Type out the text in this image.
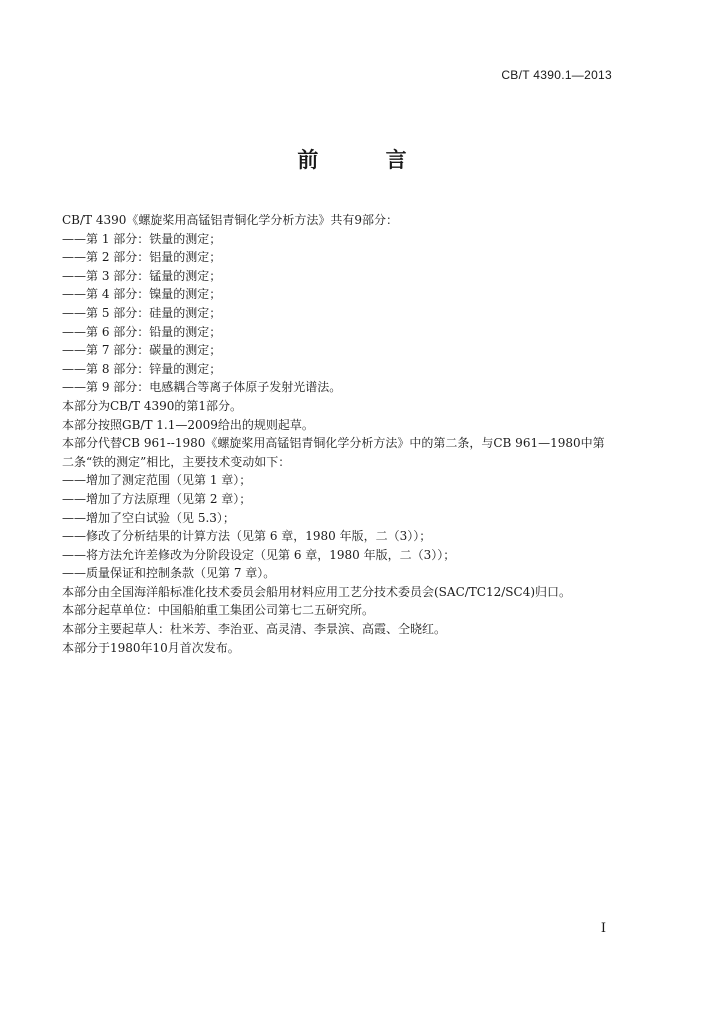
CB/T 4390.1—2013
前 言
CB/T 4390《螺旋桨用高锰铝青铜化学分析方法》共有9部分：
——第 1 部分：铁量的测定；
——第 2 部分：铝量的测定；
——第 3 部分：锰量的测定；
——第 4 部分：镍量的测定；
——第 5 部分：硅量的测定；
——第 6 部分：铅量的测定；
——第 7 部分：碳量的测定；
——第 8 部分：锌量的测定；
——第 9 部分：电感耦合等离子体原子发射光谱法。
本部分为CB/T 4390的第1部分。
本部分按照GB/T 1.1—2009给出的规则起草。
本部分代替CB 961--1980《螺旋桨用高锰铝青铜化学分析方法》中的第二条，与CB 961—1980中第
二条“铁的测定”相比，主要技术变动如下：
——增加了测定范围（见第 1 章）；
——增加了方法原理（见第 2 章）；
——增加了空白试验（见 5.3）；
——修改了分析结果的计算方法（见第 6 章，1980 年版，二（3））；
——将方法允许差修改为分阶段设定（见第 6 章，1980 年版，二（3））；
——质量保证和控制条款（见第 7 章）。
本部分由全国海洋船标准化技术委员会船用材料应用工艺分技术委员会(SAC/TC12/SC4)归口。
本部分起草单位：中国船舶重工集团公司第七二五研究所。
本部分主要起草人：杜米芳、李治亚、高灵清、李景滨、高霞、仝晓红。
本部分于1980年10月首次发布。
I
